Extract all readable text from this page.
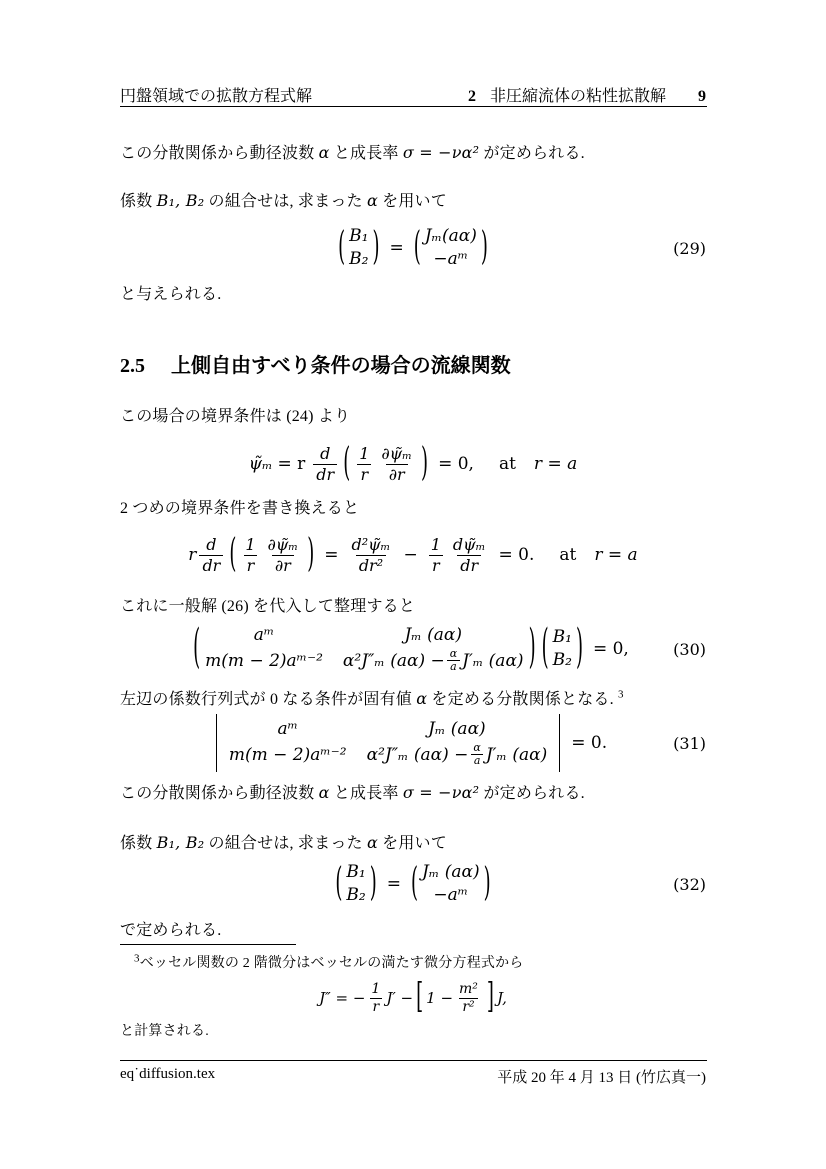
円盤領域での拡散方程式解	2 非圧縮流体の粘性拡散解 9

この分散関係から動径波数 α と成長率 σ = −να² が定められる.

係数 B₁, B₂ の組合せは, 求まった α を用いて

( B₁
B₂ ) = ( Jₘ(aα)
−aᵐ )	(29)

と与えられる.

2.5 上側自由すべり条件の場合の流線関数

この場合の境界条件は (24) より

ψ̃ₘ = r $\frac{d}{dr}$ ( $\frac{1}{r} \frac{\text{∂ψ̃ₘ}}{\partial r}$ ) = 0, at r = a

2 つめの境界条件を書き換えると

r $\frac{d}{dr}$ ( $\frac{1}{r} \frac{\text{∂ψ̃ₘ}}{\partial r}$ ) = $\frac{\text{d²ψ̃ₘ}}{\text{dr²}} - \frac{1}{r} \frac{\text{dψ̃ₘ}}{dr} = 0$. at r = a

これに一般解 (26) を代入して整理すると

(	aᵐ	Jₘ (aα)
m(m − 2)aᵐ⁻² α²J″ₘ $(a\alpha) - \frac{\alpha}{a} J'_m$ (aα) ) ( B₁
B₂ ) = 0,	(30)

左辺の係数行列式が 0 なる条件が固有値 α を定める分散関係となる. $^3$

aᵐ	Jₘ (aα)
m(m − 2)aᵐ⁻² α²J″ₘ $(a\alpha) - \frac{\alpha}{a} J'_m$ (aα)
= 0.	(31)

この分散関係から動径波数 α と成長率 σ = −να² が定められる.

係数 B₁, B₂ の組合せは, 求まった α を用いて

( B₁
B₂ ) = ( Jₘ (aα)
−aᵐ )	(32)

で定められる.

$^3$ベッセル関数の 2 階微分はベッセルの満たす微分方程式から

J″ = − $\frac{1}{r} J'$ − [ $1 - \frac{\text{m²}}{\text{r²}}$ ] J,

と計算される.

eq˙diffusion.tex	平成 20 年 4 月 13 日 (竹広真一)
